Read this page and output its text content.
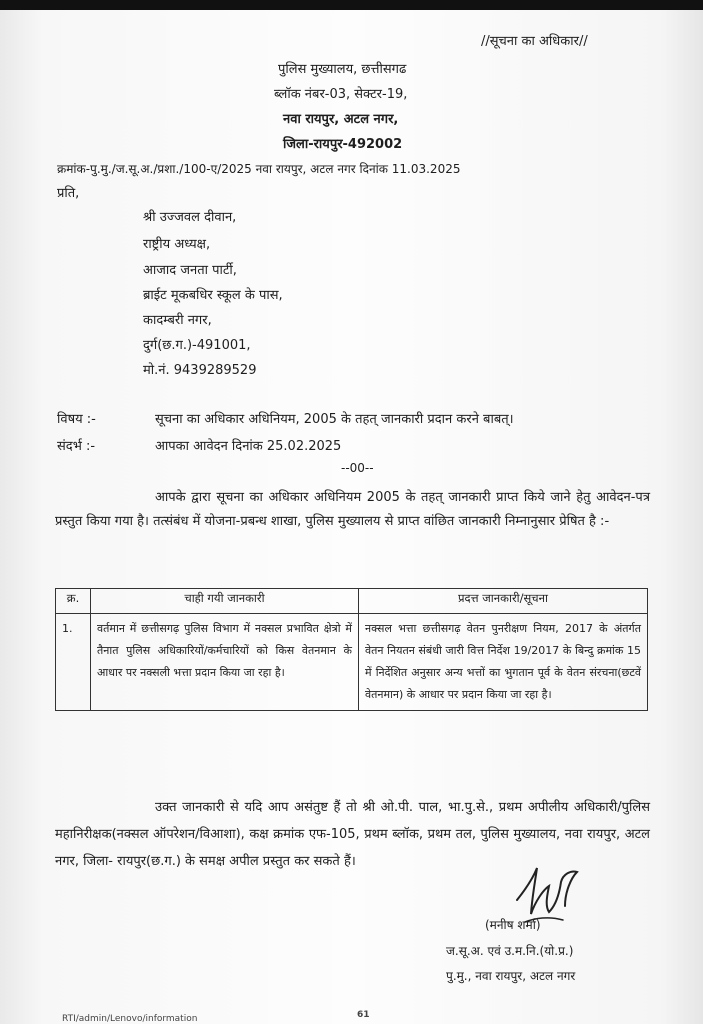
//सूचना का अधिकार//
पुलिस मुख्यालय, छत्तीसगढ
ब्लॉक नंबर-03, सेक्टर-19,
नवा रायपुर, अटल नगर,
जिला-रायपुर-492002
क्रमांक-पु.मु./ज.सू.अ./प्रशा./100-ए/2025 नवा रायपुर, अटल नगर दिनांक 11.03.2025
प्रति,
श्री उज्जवल दीवान,
राष्ट्रीय अध्यक्ष,
आजाद जनता पार्टी,
ब्राईट मूकबधिर स्कूल के पास,
कादम्बरी नगर,
दुर्ग(छ.ग.)-491001,
मो.नं. 9439289529
विषय :-	सूचना का अधिकार अधिनियम, 2005 के तहत् जानकारी प्रदान करने बाबत्।
संदर्भ :-	आपका आवेदन दिनांक 25.02.2025
--00--
आपके द्वारा सूचना का अधिकार अधिनियम 2005 के तहत् जानकारी प्राप्त किये जाने हेतु आवेदन-पत्र प्रस्तुत किया गया है। तत्संबंध में योजना-प्रबन्ध शाखा, पुलिस मुख्यालय से प्राप्त वांछित जानकारी निम्नानुसार प्रेषित है :-
क्र.	चाही गयी जानकारी	प्रदत्त जानकारी/सूचना
1.	वर्तमान में छत्तीसगढ़ पुलिस विभाग में नक्सल प्रभावित क्षेत्रो में तैनात पुलिस अधिकारियों/कर्मचारियों को किस वेतनमान के आधार पर नक्सली भत्ता प्रदान किया जा रहा है।	नक्सल भत्ता छत्तीसगढ़ वेतन पुनरीक्षण नियम, 2017 के अंतर्गत वेतन नियतन संबंधी जारी वित्त निर्देश 19/2017 के बिन्दु क्रमांक 15 में निर्देशित अनुसार अन्य भत्तों का भुगतान पूर्व के वेतन संरचना(छटवें वेतनमान) के आधार पर प्रदान किया जा रहा है।
उक्त जानकारी से यदि आप असंतुष्ट हैं तो श्री ओ.पी. पाल, भा.पु.से., प्रथम अपीलीय अधिकारी/पुलिस महानिरीक्षक(नक्सल ऑपरेशन/विआशा), कक्ष क्रमांक एफ-105, प्रथम ब्लॉक, प्रथम तल, पुलिस मुख्यालय, नवा रायपुर, अटल नगर, जिला- रायपुर(छ.ग.) के समक्ष अपील प्रस्तुत कर सकते हैं।
(मनीष शर्मा)
ज.सू.अ. एवं उ.म.नि.(यो.प्र.)
पु.मु., नवा रायपुर, अटल नगर
RTI/admin/Lenovo/information	61
